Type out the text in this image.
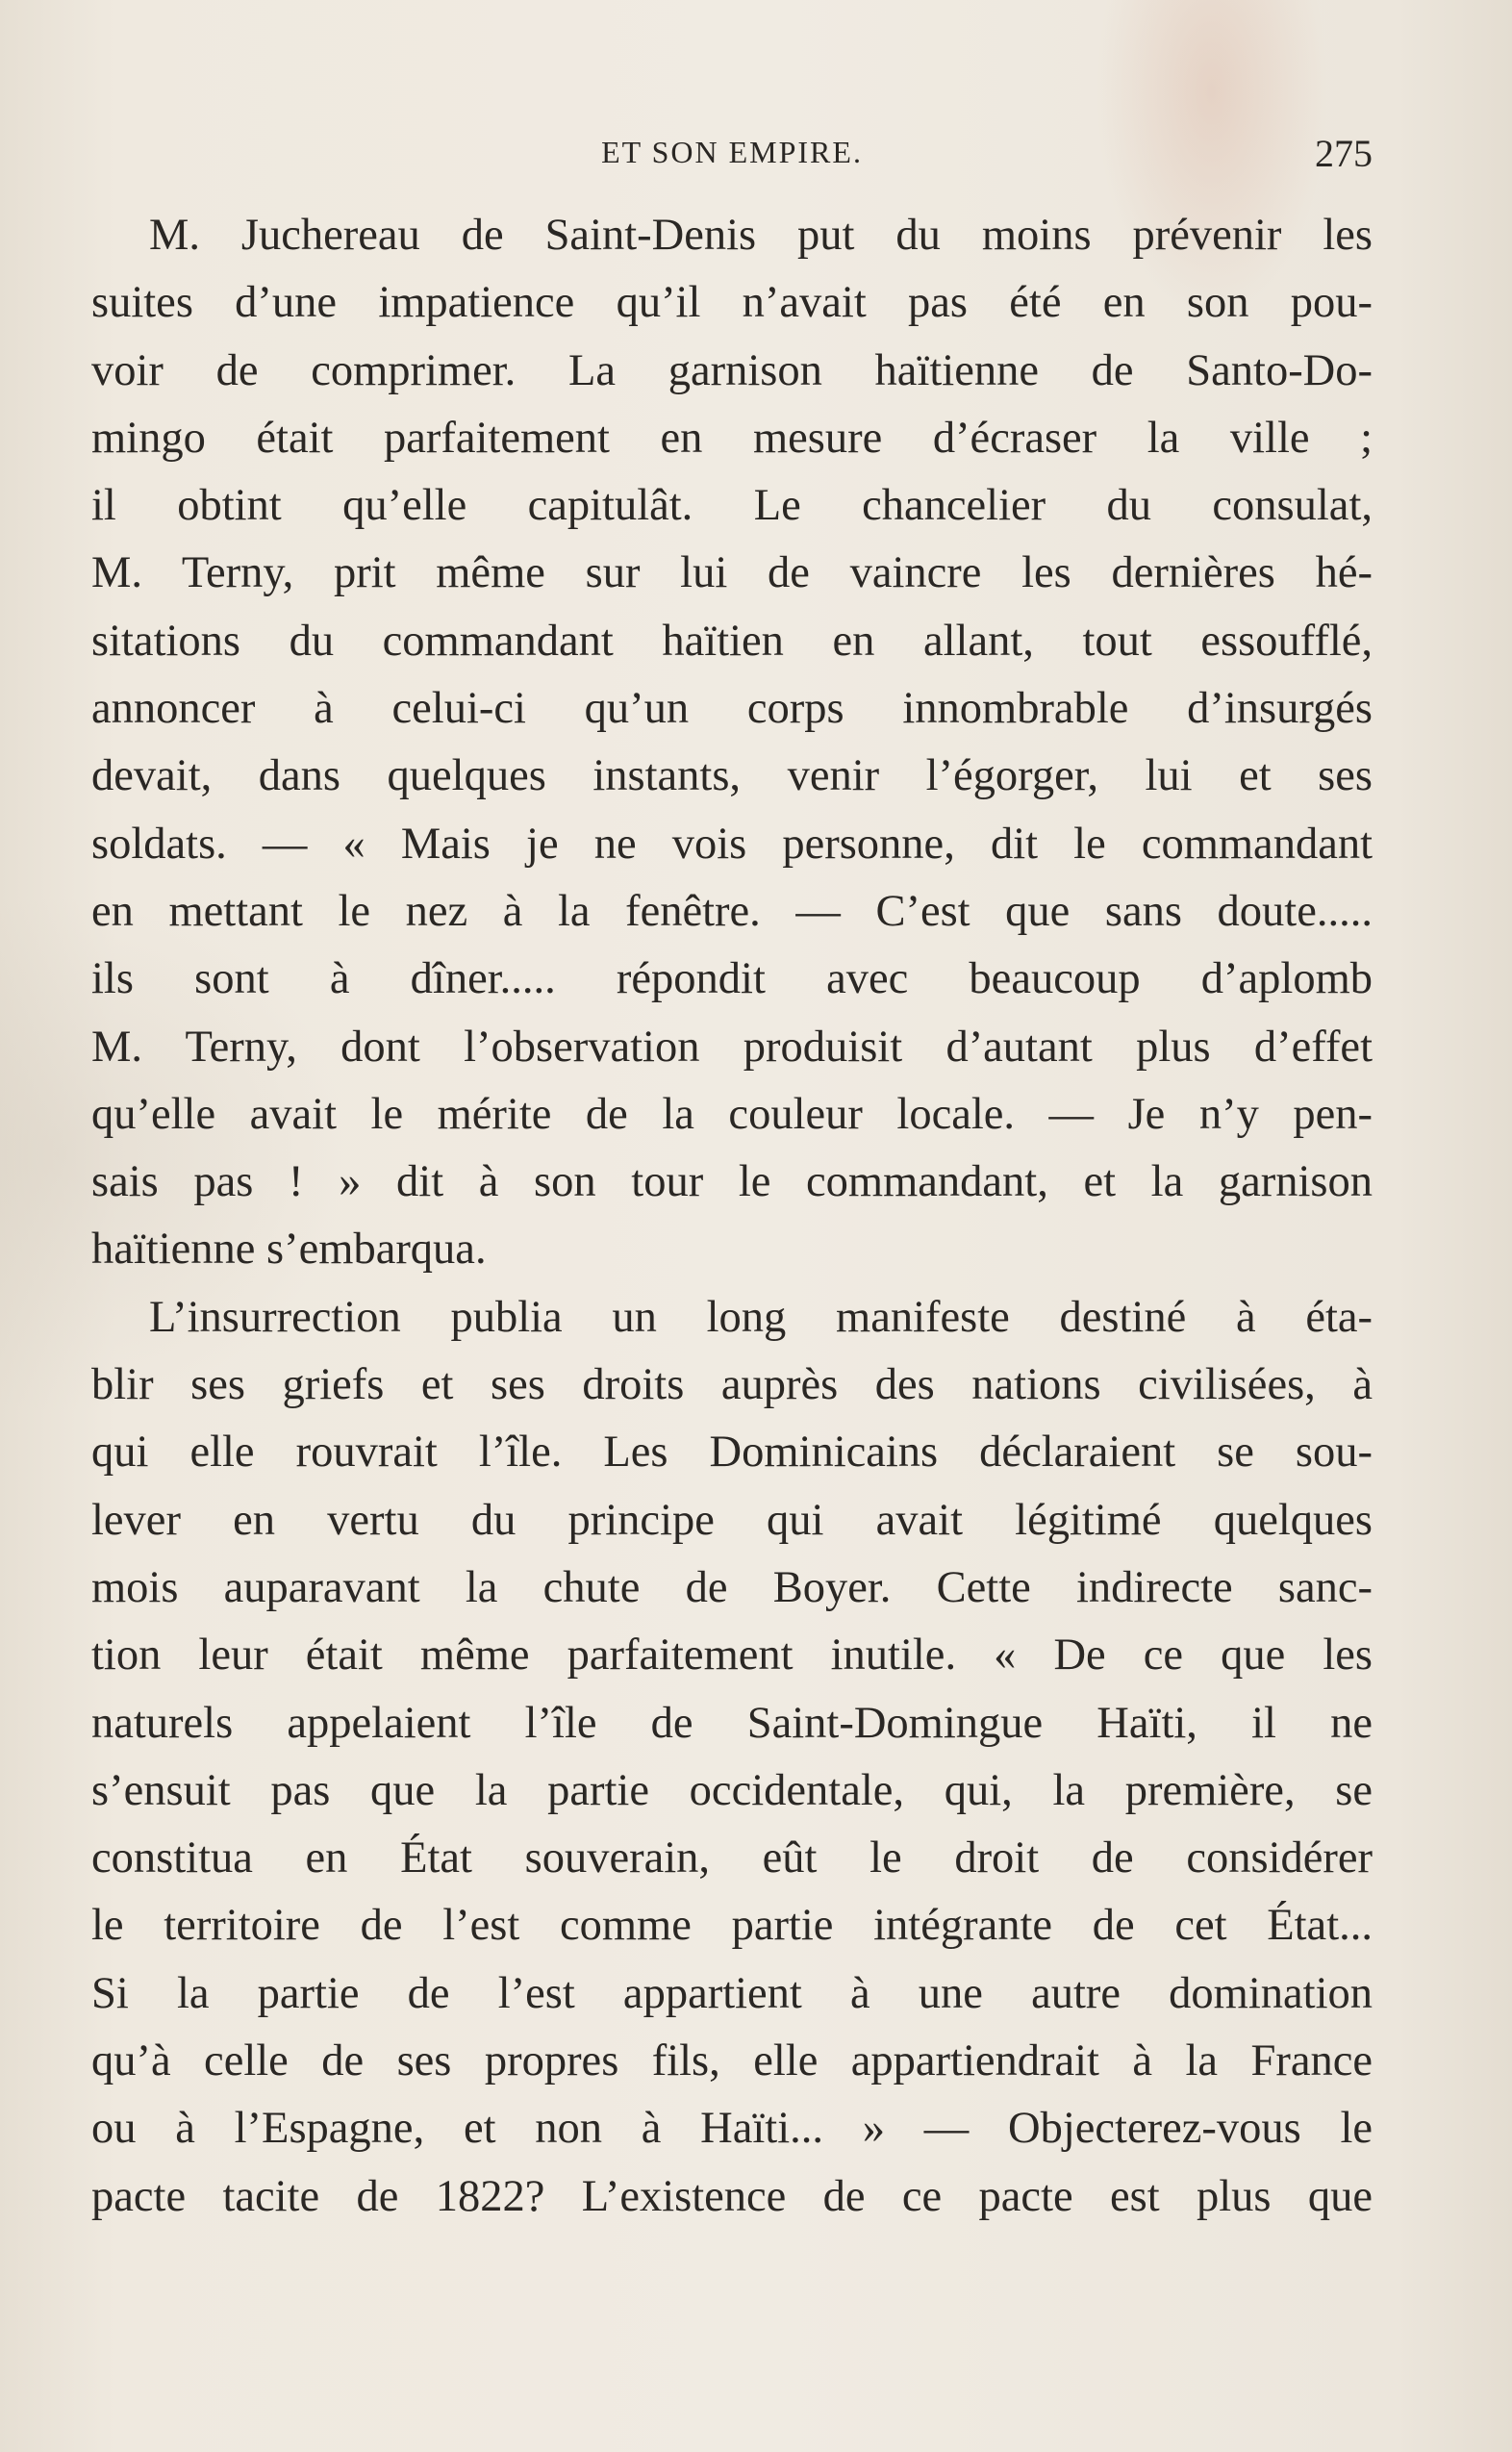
ET SON EMPIRE.	275

M. Juchereau de Saint-Denis put du moins prévenir les
suites d’une impatience qu’il n’avait pas été en son pou-
voir de comprimer. La garnison haïtienne de Santo-Do-
mingo était parfaitement en mesure d’écraser la ville ;
il obtint qu’elle capitulât. Le chancelier du consulat,
M. Terny, prit même sur lui de vaincre les dernières hé-
sitations du commandant haïtien en allant, tout essoufflé,
annoncer à celui-ci qu’un corps innombrable d’insurgés
devait, dans quelques instants, venir l’égorger, lui et ses
soldats. — « Mais je ne vois personne, dit le commandant
en mettant le nez à la fenêtre. — C’est que sans doute.....
ils sont à dîner..... répondit avec beaucoup d’aplomb
M. Terny, dont l’observation produisit d’autant plus d’effet
qu’elle avait le mérite de la couleur locale. — Je n’y pen-
sais pas ! » dit à son tour le commandant, et la garnison
haïtienne s’embarqua.

L’insurrection publia un long manifeste destiné à éta-
blir ses griefs et ses droits auprès des nations civilisées, à
qui elle rouvrait l’île. Les Dominicains déclaraient se sou-
lever en vertu du principe qui avait légitimé quelques
mois auparavant la chute de Boyer. Cette indirecte sanc-
tion leur était même parfaitement inutile. « De ce que les
naturels appelaient l’île de Saint-Domingue Haïti, il ne
s’ensuit pas que la partie occidentale, qui, la première, se
constitua en État souverain, eût le droit de considérer
le territoire de l’est comme partie intégrante de cet État...
Si la partie de l’est appartient à une autre domination
qu’à celle de ses propres fils, elle appartiendrait à la France
ou à l’Espagne, et non à Haïti... » — Objecterez-vous le
pacte tacite de 1822? L’existence de ce pacte est plus que
